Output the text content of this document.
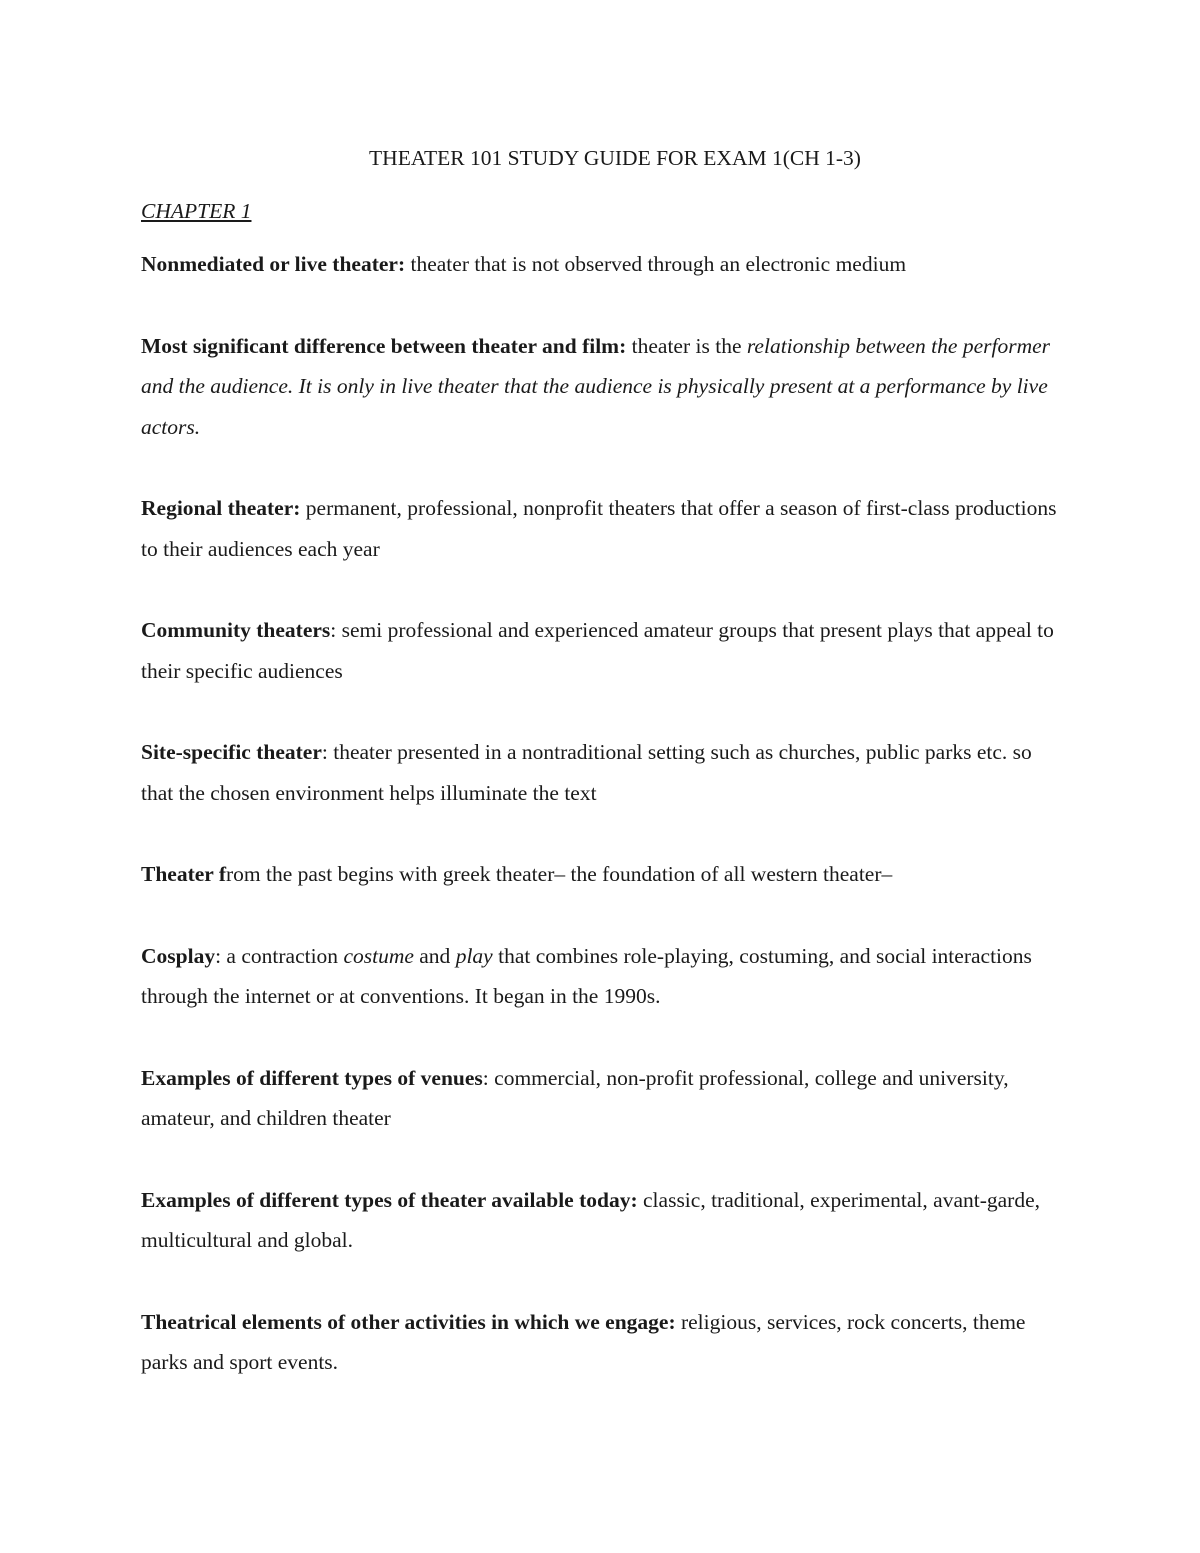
THEATER 101 STUDY GUIDE FOR EXAM 1(CH 1-3)

CHAPTER 1

Nonmediated or live theater: theater that is not observed through an electronic medium

Most significant difference between theater and film: theater is the relationship between the performer and the audience. It is only in live theater that the audience is physically present at a performance by live actors.

Regional theater: permanent, professional, nonprofit theaters that offer a season of first-class productions to their audiences each year

Community theaters: semi professional and experienced amateur groups that present plays that appeal to their specific audiences

Site-specific theater: theater presented in a nontraditional setting such as churches, public parks etc. so that the chosen environment helps illuminate the text

Theater from the past begins with greek theater– the foundation of all western theater–

Cosplay: a contraction costume and play that combines role-playing, costuming, and social interactions through the internet or at conventions. It began in the 1990s.

Examples of different types of venues: commercial, non-profit professional, college and university, amateur, and children theater

Examples of different types of theater available today: classic, traditional, experimental, avant-garde, multicultural and global.

Theatrical elements of other activities in which we engage: religious, services, rock concerts, theme parks and sport events.
